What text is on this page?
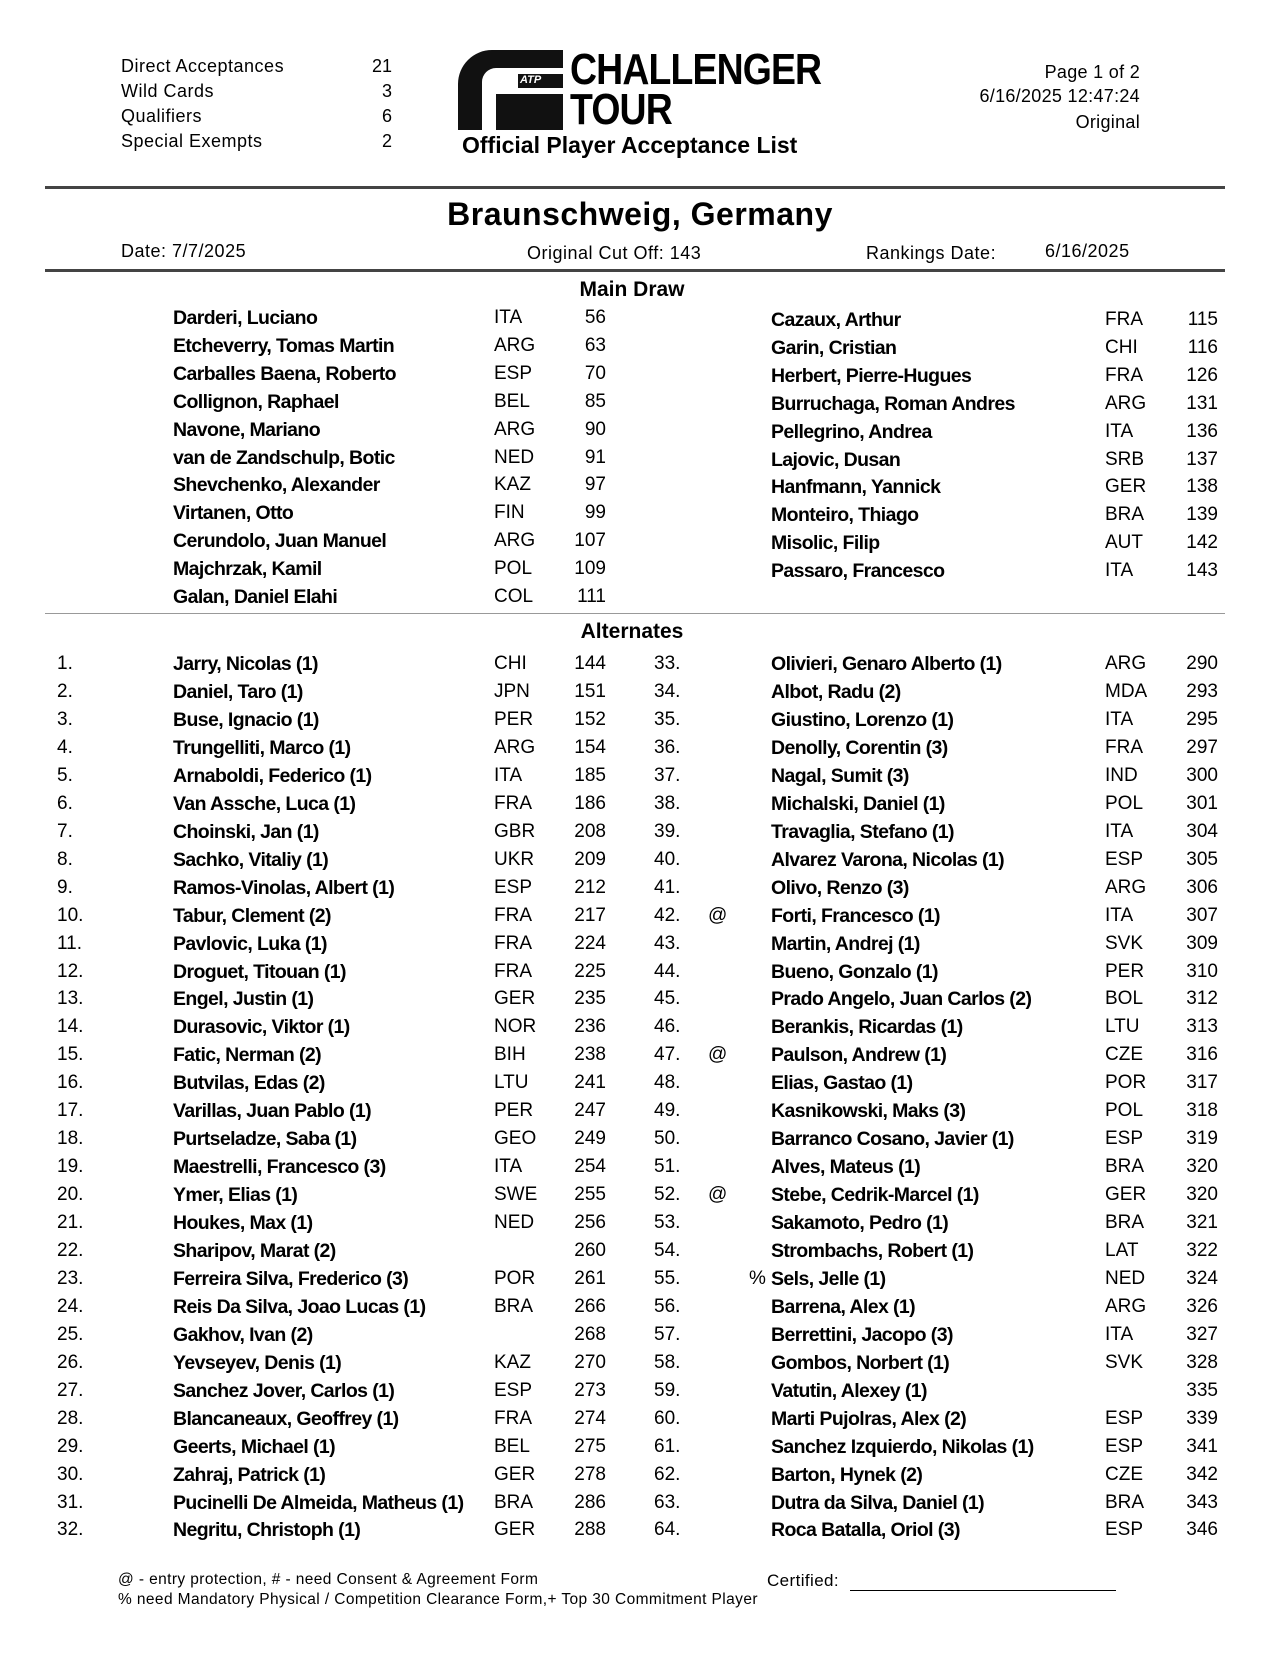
Direct Acceptances	21
Wild Cards	3
Qualifiers	6
Special Exempts	2
ATP CHALLENGER
TOUR
Official Player Acceptance List
Page 1 of 2
6/16/2025 12:47:24
Original
Braunschweig, Germany
Date: 7/7/2025	Original Cut Off: 143	Rankings Date:	6/16/2025
Main Draw
Darderi, Luciano	ITA	56
Etcheverry, Tomas Martin	ARG	63
Carballes Baena, Roberto	ESP	70
Collignon, Raphael	BEL	85
Navone, Mariano	ARG	90
van de Zandschulp, Botic	NED	91
Shevchenko, Alexander	KAZ	97
Virtanen, Otto	FIN	99
Cerundolo, Juan Manuel	ARG	107
Majchrzak, Kamil	POL	109
Galan, Daniel Elahi	COL	111
Cazaux, Arthur	FRA	115
Garin, Cristian	CHI	116
Herbert, Pierre-Hugues	FRA	126
Burruchaga, Roman Andres	ARG	131
Pellegrino, Andrea	ITA	136
Lajovic, Dusan	SRB	137
Hanfmann, Yannick	GER	138
Monteiro, Thiago	BRA	139
Misolic, Filip	AUT	142
Passaro, Francesco	ITA	143
Alternates
1.	Jarry, Nicolas (1)	CHI	144
2.	Daniel, Taro (1)	JPN	151
3.	Buse, Ignacio (1)	PER	152
4.	Trungelliti, Marco (1)	ARG	154
5.	Arnaboldi, Federico (1)	ITA	185
6.	Van Assche, Luca (1)	FRA	186
7.	Choinski, Jan (1)	GBR	208
8.	Sachko, Vitaliy (1)	UKR	209
9.	Ramos-Vinolas, Albert (1)	ESP	212
10.	Tabur, Clement (2)	FRA	217
11.	Pavlovic, Luka (1)	FRA	224
12.	Droguet, Titouan (1)	FRA	225
13.	Engel, Justin (1)	GER	235
14.	Durasovic, Viktor (1)	NOR	236
15.	Fatic, Nerman (2)	BIH	238
16.	Butvilas, Edas (2)	LTU	241
17.	Varillas, Juan Pablo (1)	PER	247
18.	Purtseladze, Saba (1)	GEO	249
19.	Maestrelli, Francesco (3)	ITA	254
20.	Ymer, Elias (1)	SWE	255
21.	Houkes, Max (1)	NED	256
22.	Sharipov, Marat (2)	260
23.	Ferreira Silva, Frederico (3)	POR	261
24.	Reis Da Silva, Joao Lucas (1)	BRA	266
25.	Gakhov, Ivan (2)	268
26.	Yevseyev, Denis (1)	KAZ	270
27.	Sanchez Jover, Carlos (1)	ESP	273
28.	Blancaneaux, Geoffrey (1)	FRA	274
29.	Geerts, Michael (1)	BEL	275
30.	Zahraj, Patrick (1)	GER	278
31.	Pucinelli De Almeida, Matheus (1) BRA	286
32.	Negritu, Christoph (1)	GER	288
33.	Olivieri, Genaro Alberto (1)	ARG	290
34.	Albot, Radu (2)	MDA	293
35.	Giustino, Lorenzo (1)	ITA	295
36.	Denolly, Corentin (3)	FRA	297
37.	Nagal, Sumit (3)	IND	300
38.	Michalski, Daniel (1)	POL	301
39.	Travaglia, Stefano (1)	ITA	304
40.	Alvarez Varona, Nicolas (1)	ESP	305
41.	Olivo, Renzo (3)	ARG	306
42. @ Forti, Francesco (1)	ITA	307
43.	Martin, Andrej (1)	SVK	309
44.	Bueno, Gonzalo (1)	PER	310
45.	Prado Angelo, Juan Carlos (2)	BOL	312
46.	Berankis, Ricardas (1)	LTU	313
47. @ Paulson, Andrew (1)	CZE	316
48.	Elias, Gastao (1)	POR	317
49.	Kasnikowski, Maks (3)	POL	318
50.	Barranco Cosano, Javier (1)	ESP	319
51.	Alves, Mateus (1)	BRA	320
52. @ Stebe, Cedrik-Marcel (1)	GER	320
53.	Sakamoto, Pedro (1)	BRA	321
54.	Strombachs, Robert (1)	LAT	322
55.	% Sels, Jelle (1)	NED	324
56.	Barrena, Alex (1)	ARG	326
57.	Berrettini, Jacopo (3)	ITA	327
58.	Gombos, Norbert (1)	SVK	328
59.	Vatutin, Alexey (1)	335
60.	Marti Pujolras, Alex (2)	ESP	339
61.	Sanchez Izquierdo, Nikolas (1)	ESP	341
62.	Barton, Hynek (2)	CZE	342
63.	Dutra da Silva, Daniel (1)	BRA	343
64.	Roca Batalla, Oriol (3)	ESP	346
@ - entry protection, # - need Consent & Agreement Form
% need Mandatory Physical / Competition Clearance Form,+ Top 30 Commitment Player
Certified:
